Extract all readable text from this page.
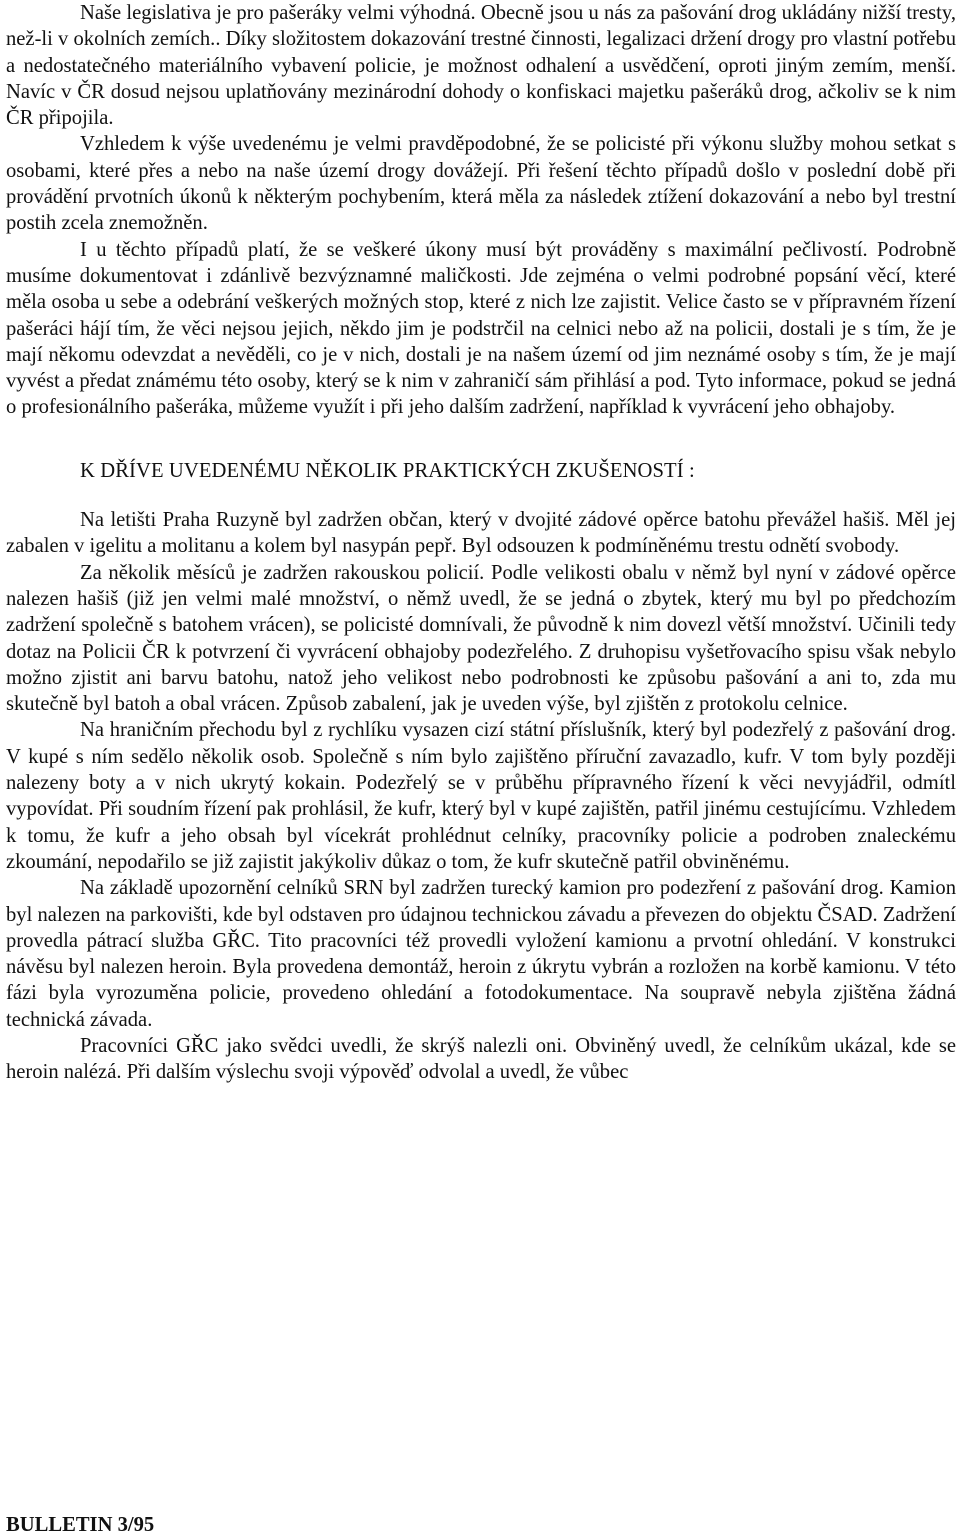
Naše legislativa je pro pašeráky velmi výhodná. Obecně jsou u nás za pašování drog ukládány nižší tresty, než-li v okolních zemích.. Díky složitostem dokazování trestné činnosti, legalizaci držení drogy pro vlastní potřebu a nedostatečného materiálního vybavení policie, je možnost odhalení a usvědčení, oproti jiným zemím, menší. Navíc v ČR dosud nejsou uplatňovány mezinárodní dohody o konfiskaci majetku pašeráků drog, ačkoliv se k nim ČR připojila.

Vzhledem k výše uvedenému je velmi pravděpodobné, že se policisté při výkonu služby mohou setkat s osobami, které přes a nebo na naše území drogy dovážejí. Při řešení těchto případů došlo v poslední době při provádění prvotních úkonů k některým pochybením, která měla za následek ztížení dokazování a nebo byl trestní postih zcela znemožněn.

I u těchto případů platí, že se veškeré úkony musí být prováděny s maximální pečlivostí. Podrobně musíme dokumentovat i zdánlivě bezvýznamné maličkosti. Jde zejména o velmi podrobné popsání věcí, které měla osoba u sebe a odebrání veškerých možných stop, které z nich lze zajistit. Velice často se v přípravném řízení pašeráci hájí tím, že věci nejsou jejich, někdo jim je podstrčil na celnici nebo až na policii, dostali je s tím, že je mají někomu odevzdat a nevěděli, co je v nich, dostali je na našem území od jim neznámé osoby s tím, že je mají vyvést a předat známému této osoby, který se k nim v zahraničí sám přihlásí a pod. Tyto informace, pokud se jedná o profesionálního pašeráka, můžeme využít i při jeho dalším zadržení, například k vyvrácení jeho obhajoby.

K DŘÍVE UVEDENÉMU NĚKOLIK PRAKTICKÝCH ZKUŠENOSTÍ :

Na letišti Praha Ruzyně byl zadržen občan, který v dvojité zádové opěrce batohu převážel hašiš. Měl jej zabalen v igelitu a molitanu a kolem byl nasypán pepř. Byl odsouzen k podmíněnému trestu odnětí svobody.

Za několik měsíců je zadržen rakouskou policií. Podle velikosti obalu v němž byl nyní v zádové opěrce nalezen hašiš (již jen velmi malé množství, o němž uvedl, že se jedná o zbytek, který mu byl po předchozím zadržení společně s batohem vrácen), se policisté domnívali, že původně k nim dovezl větší množství. Učinili tedy dotaz na Policii ČR k potvrzení či vyvrácení obhajoby podezřelého. Z druhopisu vyšetřovacího spisu však nebylo možno zjistit ani barvu batohu, natož jeho velikost nebo podrobnosti ke způsobu pašování a ani to, zda mu skutečně byl batoh a obal vrácen. Způsob zabalení, jak je uveden výše, byl zjištěn z protokolu celnice.

Na hraničním přechodu byl z rychlíku vysazen cizí státní příslušník, který byl podezřelý z pašování drog. V kupé s ním sedělo několik osob. Společně s ním bylo zajištěno příruční zavazadlo, kufr. V tom byly později nalezeny boty a v nich ukrytý kokain. Podezřelý se v průběhu přípravného řízení k věci nevyjádřil, odmítl vypovídat. Při soudním řízení pak prohlásil, že kufr, který byl v kupé zajištěn, patřil jinému cestujícímu. Vzhledem k tomu, že kufr a jeho obsah byl vícekrát prohlédnut celníky, pracovníky policie a podroben znaleckému zkoumání, nepodařilo se již zajistit jakýkoliv důkaz o tom, že kufr skutečně patřil obviněnému.

Na základě upozornění celníků SRN byl zadržen turecký kamion pro podezření z pašování drog. Kamion byl nalezen na parkovišti, kde byl odstaven pro údajnou technickou závadu a převezen do objektu ČSAD. Zadržení provedla pátrací služba GŘC. Tito pracovníci též provedli vyložení kamionu a prvotní ohledání. V konstrukci návěsu byl nalezen heroin. Byla provedena demontáž, heroin z úkrytu vybrán a rozložen na korbě kamionu. V této fázi byla vyrozuměna policie, provedeno ohledání a fotodokumentace. Na soupravě nebyla zjištěna žádná technická závada.

Pracovníci GŘC jako svědci uvedli, že skrýš nalezli oni. Obviněný uvedl, že celníkům ukázal, kde se heroin nalézá. Při dalším výslechu svoji výpověď odvolal a uvedl, že vůbec

BULLETIN 3/95
